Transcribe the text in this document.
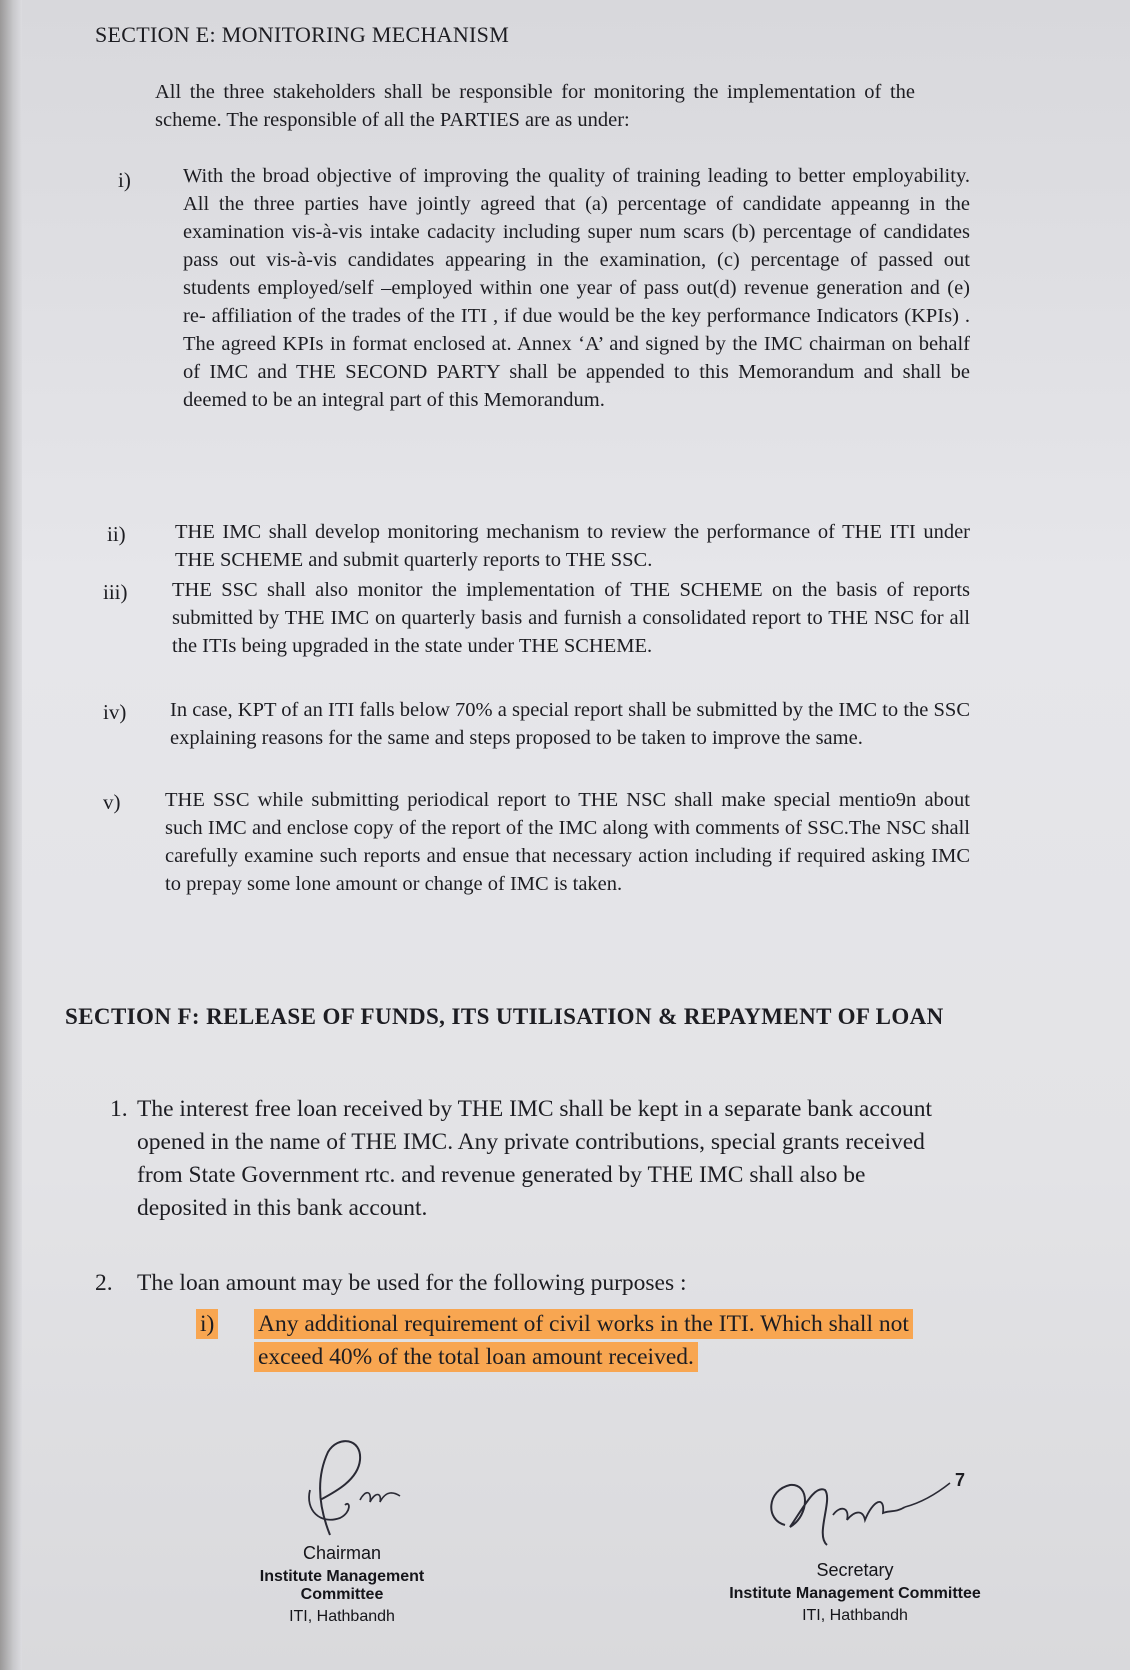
SECTION E: MONITORING MECHANISM
All the three stakeholders shall be responsible for monitoring the implementation of the scheme. The responsible of all the PARTIES are as under:
i)	With the broad objective of improving the quality of training leading to better employability. All the three parties have jointly agreed that (a) percentage of candidate appeanng in the examination vis-à-vis intake cadacity including super num scars (b) percentage of candidates pass out vis-à-vis candidates appearing in the examination, (c) percentage of passed out students employed/self –employed within one year of pass out(d) revenue generation and (e) re- affiliation of the trades of the ITI , if due would be the key performance Indicators (KPIs) . The agreed KPIs in format enclosed at. Annex ‘A’ and signed by the IMC chairman on behalf of IMC and THE SECOND PARTY shall be appended to this Memorandum and shall be deemed to be an integral part of this Memorandum.
ii) THE IMC shall develop monitoring mechanism to review the performance of THE ITI under THE SCHEME and submit quarterly reports to THE SSC.
iii) THE SSC shall also monitor the implementation of THE SCHEME on the basis of reports submitted by THE IMC on quarterly basis and furnish a consolidated report to THE NSC for all the ITIs being upgraded in the state under THE SCHEME.
iv) In case, KPT of an ITI falls below 70% a special report shall be submitted by the IMC to the SSC explaining reasons for the same and steps proposed to be taken to improve the same.
v) THE SSC while submitting periodical report to THE NSC shall make special mentio9n about such IMC and enclose copy of the report of the IMC along with comments of SSC.The NSC shall carefully examine such reports and ensue that necessary action including if required asking IMC to prepay some lone amount or change of IMC is taken.
SECTION F: RELEASE OF FUNDS, ITS UTILISATION & REPAYMENT OF LOAN
1. The interest free loan received by THE IMC shall be kept in a separate bank account opened in the name of THE IMC. Any private contributions, special grants received from State Government rtc. and revenue generated by THE IMC shall also be deposited in this bank account.
2. The loan amount may be used for the following purposes :
i) Any additional requirement of civil works in the ITI. Which shall not exceed 40% of the total loan amount received.
Chairman
Institute Management Committee
ITI, Hathbandh
7
Secretary
Institute Management Committee
ITI, Hathbandh
